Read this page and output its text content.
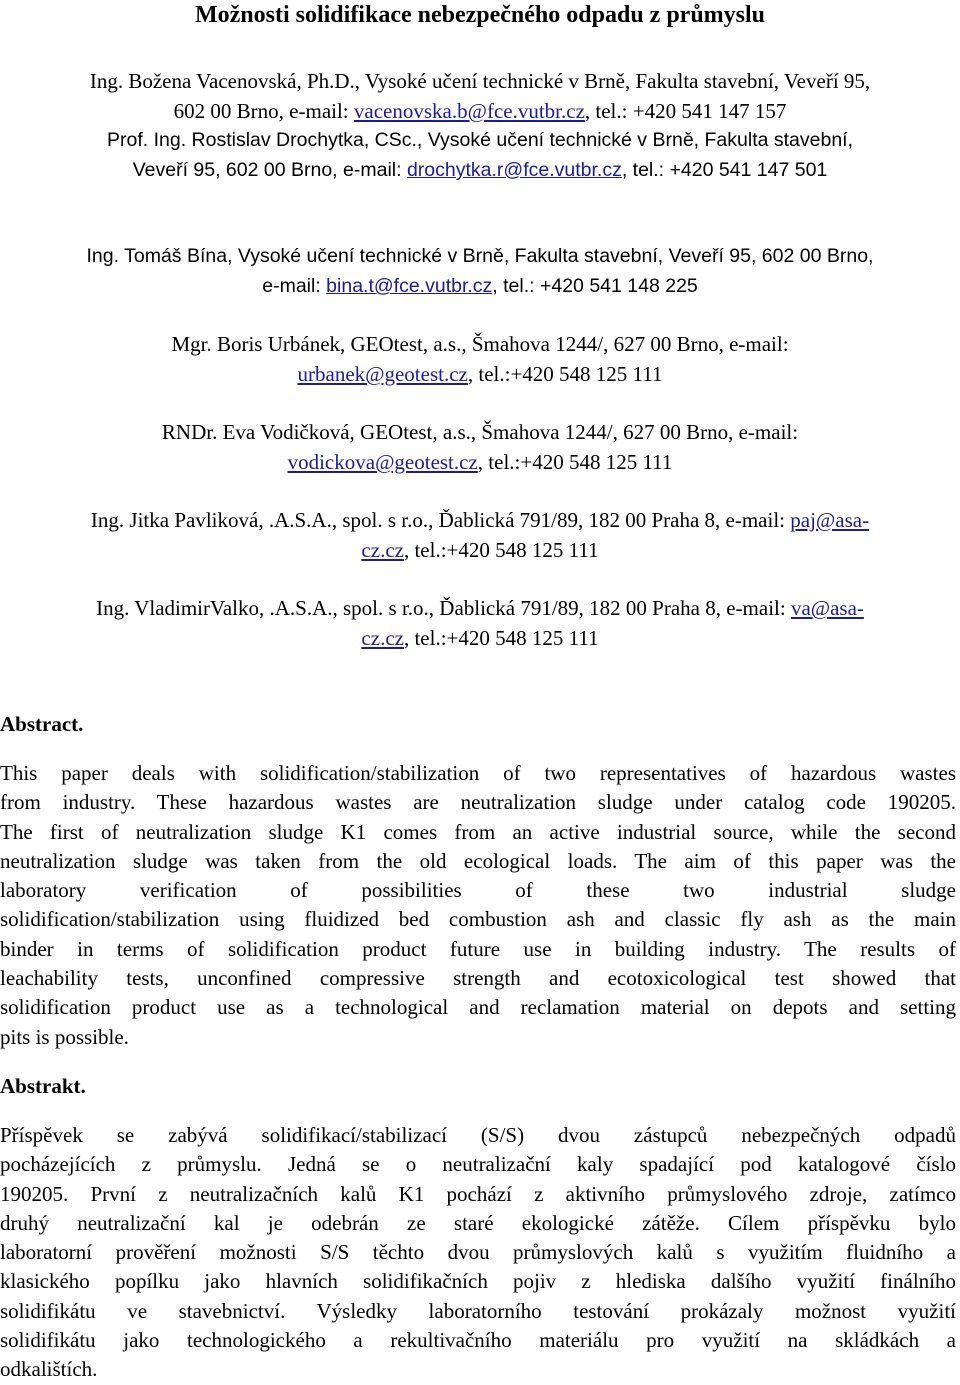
Možnosti solidifikace nebezpečného odpadu z průmyslu
Ing. Božena Vacenovská, Ph.D., Vysoké učení technické v Brně, Fakulta stavební, Veveří 95,
602 00 Brno, e-mail: vacenovska.b@fce.vutbr.cz, tel.: +420 541 147 157
Prof. Ing. Rostislav Drochytka, CSc., Vysoké učení technické v Brně, Fakulta stavební,
Veveří 95, 602 00 Brno, e-mail: drochytka.r@fce.vutbr.cz, tel.: +420 541 147 501
Ing. Tomáš Bína, Vysoké učení technické v Brně, Fakulta stavební, Veveří 95, 602 00 Brno,
e-mail: bina.t@fce.vutbr.cz, tel.: +420 541 148 225
Mgr. Boris Urbánek, GEOtest, a.s., Šmahova 1244/, 627 00 Brno, e-mail:
urbanek@geotest.cz, tel.:+420 548 125 111
RNDr. Eva Vodičková, GEOtest, a.s., Šmahova 1244/, 627 00 Brno, e-mail:
vodickova@geotest.cz, tel.:+420 548 125 111
Ing. Jitka Pavliková, .A.S.A., spol. s r.o., Ďablická 791/89, 182 00 Praha 8, e-mail: paj@asa-
cz.cz, tel.:+420 548 125 111
Ing. VladimirValko, .A.S.A., spol. s r.o., Ďablická 791/89, 182 00 Praha 8, e-mail: va@asa-
cz.cz, tel.:+420 548 125 111
Abstract.
This paper deals with solidification/stabilization of two representatives of hazardous wastes
from industry. These hazardous wastes are neutralization sludge under catalog code 190205.
The first of neutralization sludge K1 comes from an active industrial source, while the second
neutralization sludge was taken from the old ecological loads. The aim of this paper was the
laboratory verification of possibilities of these two industrial sludge
solidification/stabilization using fluidized bed combustion ash and classic fly ash as the main
binder in terms of solidification product future use in building industry. The results of
leachability tests, unconfined compressive strength and ecotoxicological test showed that
solidification product use as a technological and reclamation material on depots and setting
pits is possible.
Abstrakt.
Příspěvek se zabývá solidifikací/stabilizací (S/S) dvou zástupců nebezpečných odpadů
pocházejících z průmyslu. Jedná se o neutralizační kaly spadající pod katalogové číslo
190205. První z neutralizačních kalů K1 pochází z aktivního průmyslového zdroje, zatímco
druhý neutralizační kal je odebrán ze staré ekologické zátěže. Cílem příspěvku bylo
laboratorní prověření možnosti S/S těchto dvou průmyslových kalů s využitím fluidního a
klasického popílku jako hlavních solidifikačních pojiv z hlediska dalšího využití finálního
solidifikátu ve stavebnictví. Výsledky laboratorního testování prokázaly možnost využití
solidifikátu jako technologického a rekultivačního materiálu pro využití na skládkách a
odkalištích.
